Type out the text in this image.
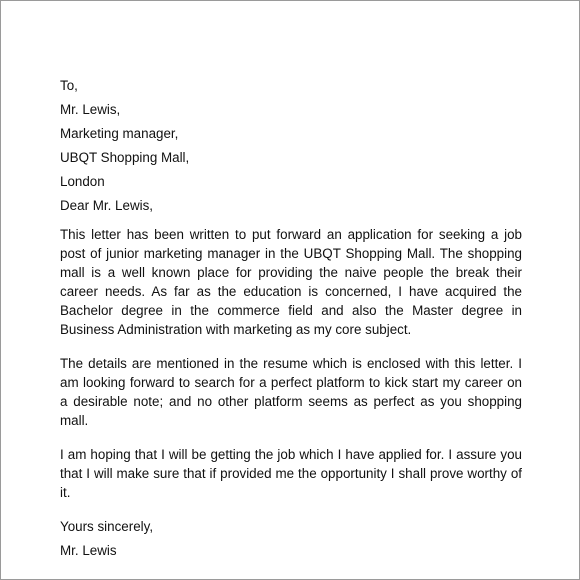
To,
Mr. Lewis,
Marketing manager,
UBQT Shopping Mall,
London
Dear Mr. Lewis,
This letter has been written to put forward an application for seeking a job post of junior marketing manager in the UBQT Shopping Mall. The shopping mall is a well known place for providing the naive people the break their career needs. As far as the education is concerned, I have acquired the Bachelor degree in the commerce field and also the Master degree in Business Administration with marketing as my core subject.
The details are mentioned in the resume which is enclosed with this letter. I am looking forward to search for a perfect platform to kick start my career on a desirable note; and no other platform seems as perfect as you shopping mall.
I am hoping that I will be getting the job which I have applied for. I assure you that I will make sure that if provided me the opportunity I shall prove worthy of it.
Yours sincerely,
Mr. Lewis
